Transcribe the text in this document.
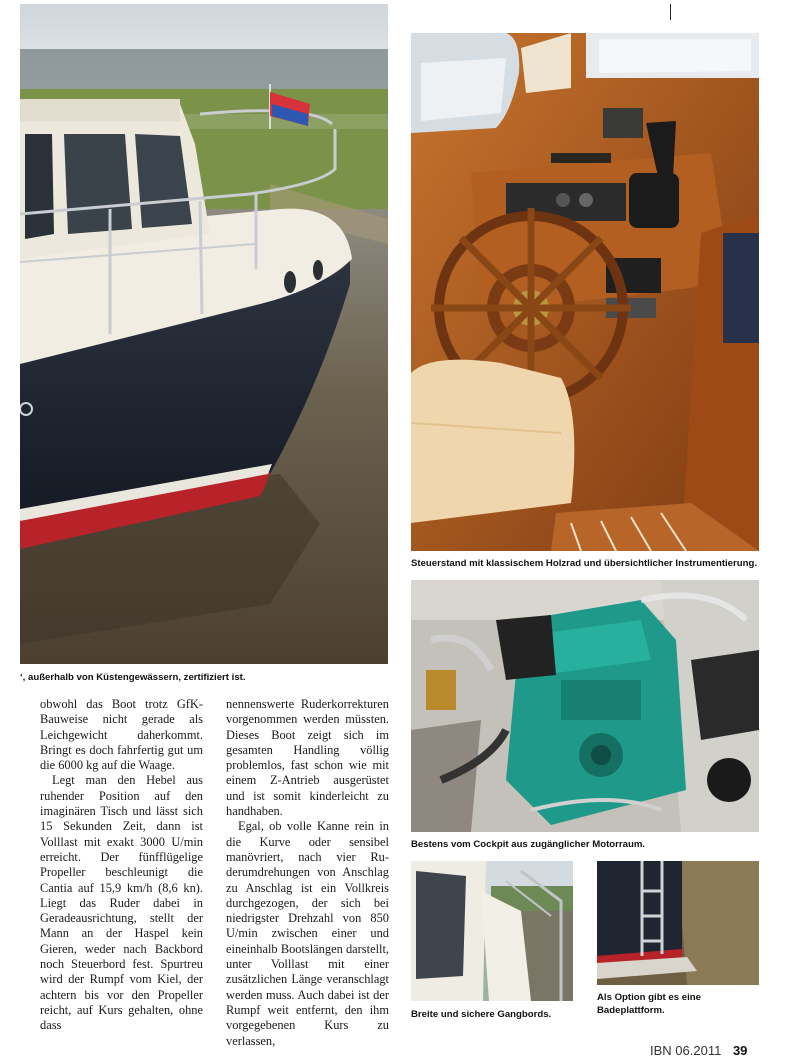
‘, außerhalb von Küstengewässern, zertifiziert ist.
Steuerstand mit klassischem Holzrad und übersichtlicher Instrumentierung.
Bestens vom Cockpit aus zugänglicher Motorraum.
Breite und sichere Gangbords.
Als Option gibt es eine
Badeplattform.

obwohl das Boot trotz GfK-Bauweise nicht gerade als Leichgewicht daherkommt. Bringt es doch fahrfertig gut um die 6000 kg auf die Waage.

Legt man den Hebel aus ruhender Position auf den imaginären Tisch und lässt sich 15 Sekunden Zeit, dann ist Volllast mit exakt 3000 U/min erreicht. Der fünfflügelige Propeller beschleunigt die Cantia auf 15,9 km/h (8,6 kn). Liegt das Ruder dabei in Geradeausrichtung, stellt der Mann an der Haspel kein Gieren, weder nach Backbord noch Steuerbord fest. Spurtreu wird der Rumpf vom Kiel, der achtern bis vor den Propeller reicht, auf Kurs gehalten, ohne dass

nennenswerte Ruderkorrekturen vorgenommen werden müssten. Dieses Boot zeigt sich im gesamten Handling völlig problemlos, fast schon wie mit einem Z-Antrieb ausgerüstet und ist somit kinderleicht zu handhaben.

Egal, ob volle Kanne rein in die Kurve oder sensibel manövriert, nach vier Ruderumdrehungen von Anschlag zu Anschlag ist ein Vollkreis durchgezogen, der sich bei niedrigster Drehzahl von 850 U/min zwischen einer und eineinhalb Bootslängen darstellt, unter Volllast mit einer zusätzlichen Länge veranschlagt werden muss. Auch dabei ist der Rumpf weit entfernt, den ihm vorgegebenen Kurs zu verlassen,

IBN 06.2011 39
